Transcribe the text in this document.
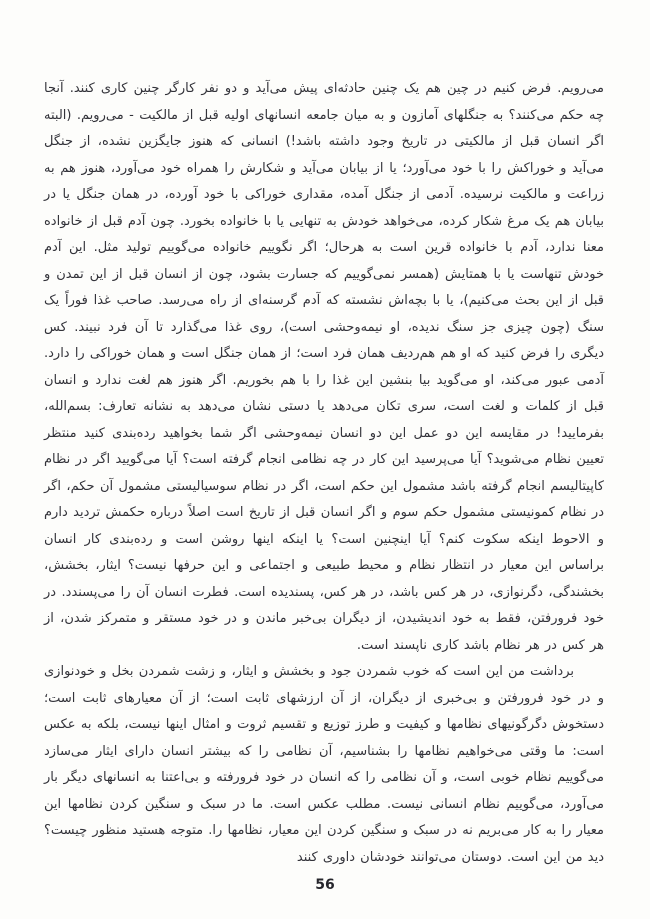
می‌رویم. فرض کنیم در چین هم یک چنین حادثه‌ای پیش می‌آید و دو نفر کارگر چنین کاری کنند. آنجا چه حکم می‌کنند؟ به جنگلهای آمازون و به میان جامعه انسانهای اولیه قبل از مالکیت - می‌رویم. (البته اگر انسان قبل از مالکیتی در تاریخ وجود داشته باشد!) انسانی که هنوز جایگزین نشده، از جنگل می‌آید و خوراکش را با خود می‌آورد؛ یا از بیابان می‌آید و شکارش را همراه خود می‌آورد، هنوز هم به زراعت و مالکیت نرسیده. آدمی از جنگل آمده، مقداری خوراکی با خود آورده، در همان جنگل یا در بیابان هم یک مرغ شکار کرده، می‌خواهد خودش به تنهایی یا با خانواده بخورد. چون آدم قبل از خانواده معنا ندارد، آدم با خانواده قرین است به هرحال؛ اگر نگوییم خانواده می‌گوییم تولید مثل. این آدم خودش تنهاست یا با همتایش (همسر نمی‌گوییم که جسارت بشود، چون از انسان قبل از این تمدن و قبل از این بحث می‌کنیم)، یا با بچه‌اش نشسته که آدم گرسنه‌ای از راه می‌رسد. صاحب غذا فوراً یک سنگ (چون چیزی جز سنگ ندیده، او نیمه‌وحشی است)، روی غذا می‌گذارد تا آن فرد نبیند. کس دیگری را فرض کنید که او هم هم‌ردیف همان فرد است؛ از همان جنگل است و همان خوراکی را دارد. آدمی عبور می‌کند، او می‌گوید بیا بنشین این غذا را با هم بخوریم. اگر هنوز هم لغت ندارد و انسان قبل از کلمات و لغت است، سری تکان می‌دهد یا دستی نشان می‌دهد به نشانه تعارف: بسم‌الله، بفرمایید! در مقایسه این دو عمل این دو انسان نیمه‌وحشی اگر شما بخواهید رده‌بندی کنید منتظر تعیین نظام می‌شوید؟ آیا می‌پرسید این کار در چه نظامی انجام گرفته است؟ آیا می‌گویید اگر در نظام کاپیتالیسم انجام گرفته باشد مشمول این حکم است، اگر در نظام سوسیالیستی مشمول آن حکم، اگر در نظام کمونیستی مشمول حکم سوم و اگر انسان قبل از تاریخ است اصلاً درباره حکمش تردید دارم و الاحوط اینکه سکوت کنم؟ آیا اینچنین است؟ یا اینکه اینها روشن است و رده‌بندی کار انسان براساس این معیار در انتظار نظام و محیط طبیعی و اجتماعی و این حرفها نیست؟ ایثار، بخشش، بخشندگی، دگرنوازی، در هر کس باشد، در هر کس، پسندیده است. فطرت انسان آن را می‌پسندد. در خود فرورفتن، فقط به خود اندیشیدن، از دیگران بی‌خبر ماندن و در خود مستقر و متمرکز شدن، از هر کس در هر نظام باشد کاری ناپسند است.

برداشت من این است که خوب شمردن جود و بخشش و ایثار، و زشت شمردن بخل و خودنوازی و در خود فرورفتن و بی‌خبری از دیگران، از آن ارزشهای ثابت است؛ از آن معیارهای ثابت است؛ دستخوش دگرگونیهای نظامها و کیفیت و طرز توزیع و تقسیم ثروت و امثال اینها نیست، بلکه به عکس است: ما وقتی می‌خواهیم نظامها را بشناسیم، آن نظامی را که بیشتر انسان دارای ایثار می‌سازد می‌گوییم نظام خوبی است، و آن نظامی را که انسان در خود فرورفته و بی‌اعتنا به انسانهای دیگر بار می‌آورد، می‌گوییم نظام انسانی نیست. مطلب عکس است. ما در سبک و سنگین کردن نظامها این معیار را به کار می‌بریم نه در سبک و سنگین کردن این معیار، نظامها را. متوجه هستید منظور چیست؟ دید من این است. دوستان می‌توانند خودشان داوری کنند

56
